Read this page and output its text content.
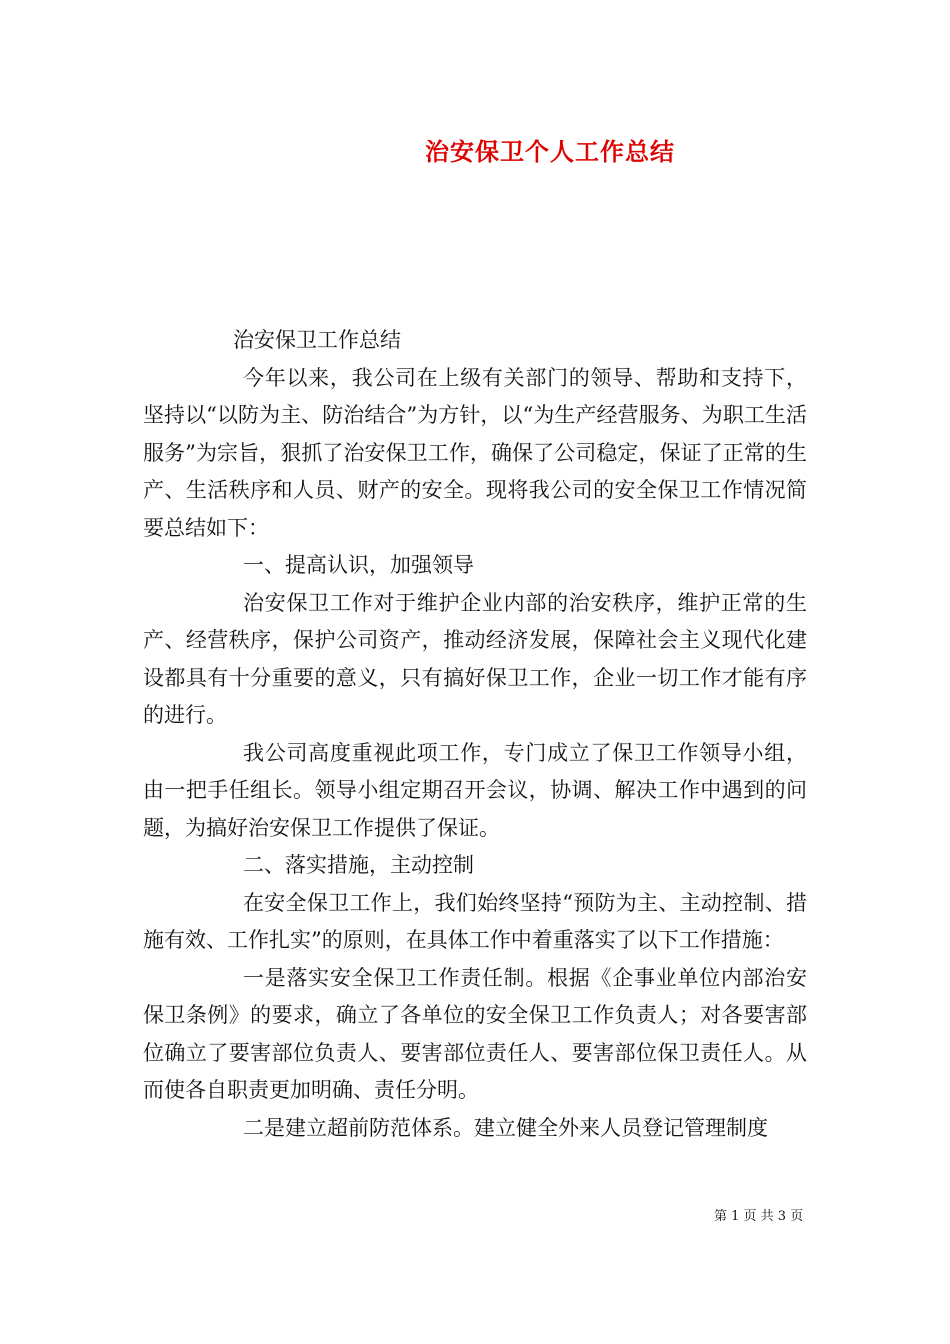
治安保卫个人工作总结

治安保卫工作总结

今年以来，我公司在上级有关部门的领导、帮助和支持下，坚持以“以防为主、防治结合”为方针，以“为生产经营服务、为职工生活服务”为宗旨，狠抓了治安保卫工作，确保了公司稳定，保证了正常的生产、生活秩序和人员、财产的安全。现将我公司的安全保卫工作情况简要总结如下：

一、提高认识，加强领导

治安保卫工作对于维护企业内部的治安秩序，维护正常的生产、经营秩序，保护公司资产，推动经济发展，保障社会主义现代化建设都具有十分重要的意义，只有搞好保卫工作，企业一切工作才能有序的进行。

我公司高度重视此项工作，专门成立了保卫工作领导小组，由一把手任组长。领导小组定期召开会议，协调、解决工作中遇到的问题，为搞好治安保卫工作提供了保证。

二、落实措施，主动控制

在安全保卫工作上，我们始终坚持“预防为主、主动控制、措施有效、工作扎实”的原则，在具体工作中着重落实了以下工作措施：

一是落实安全保卫工作责任制。根据《企事业单位内部治安保卫条例》的要求，确立了各单位的安全保卫工作负责人；对各要害部位确立了要害部位负责人、要害部位责任人、要害部位保卫责任人。从而使各自职责更加明确、责任分明。

二是建立超前防范体系。建立健全外来人员登记管理制度

第 1 页 共 3 页
